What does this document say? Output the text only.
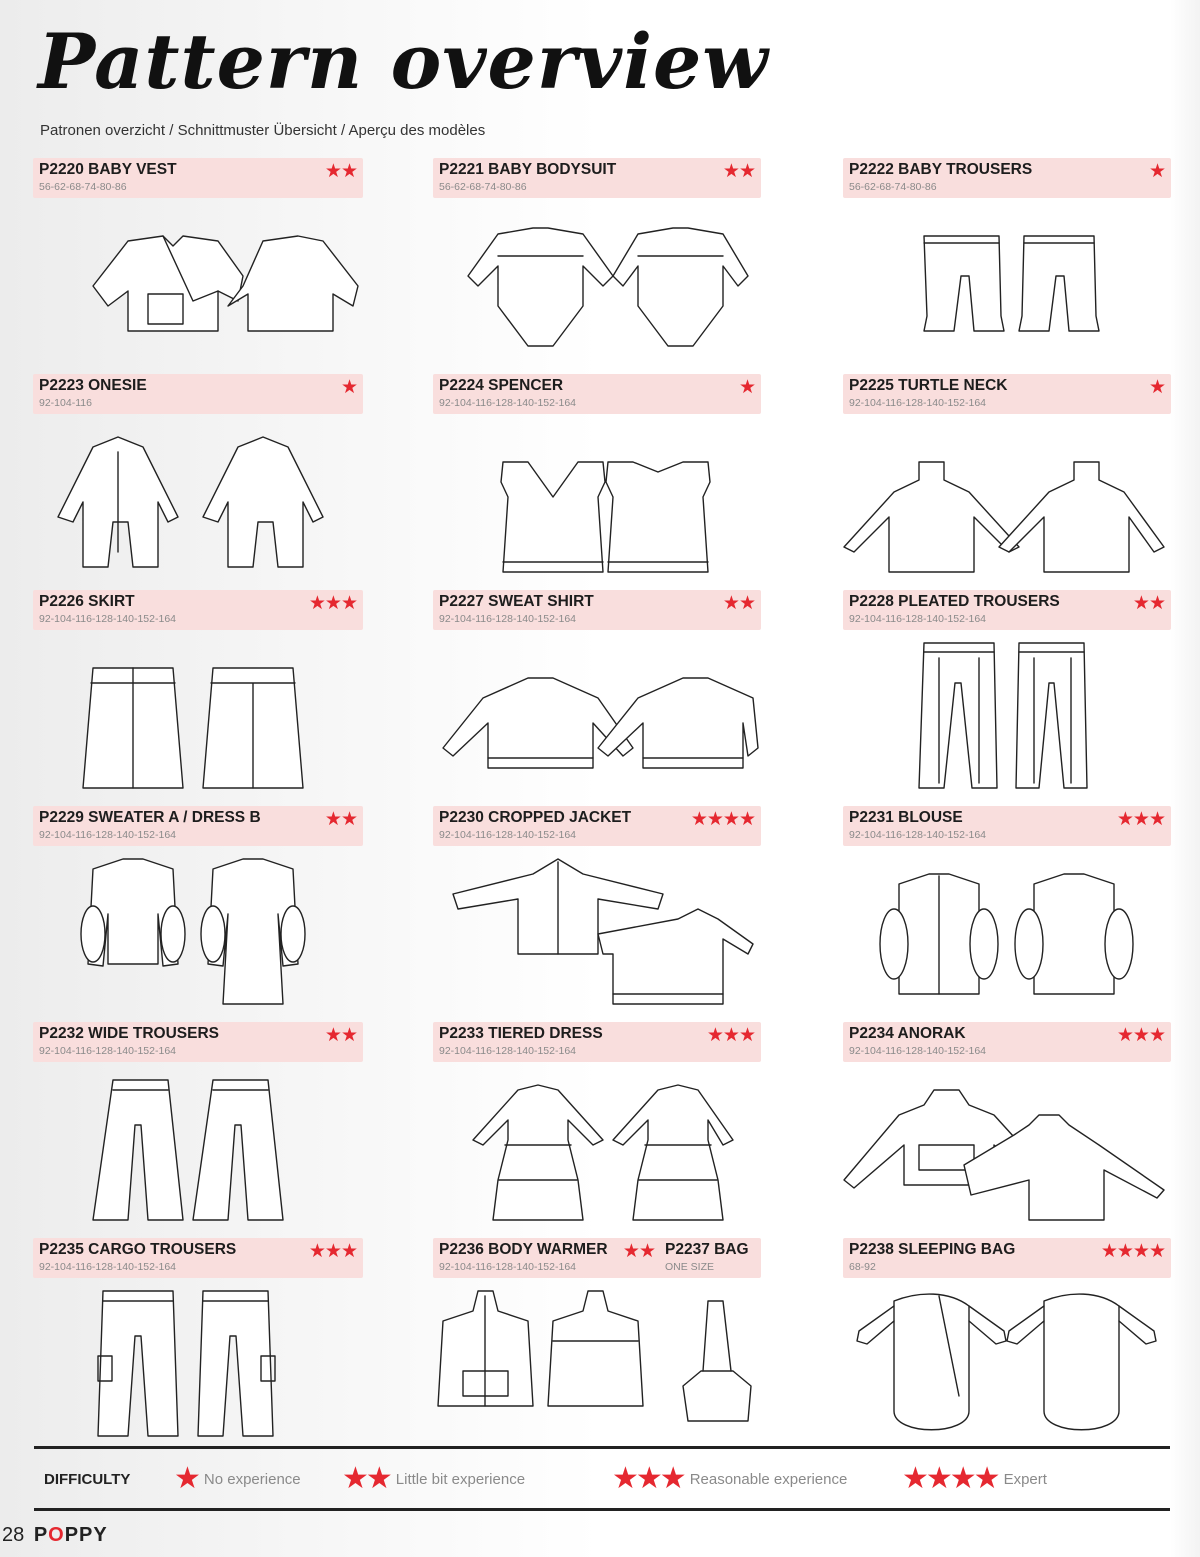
Pattern overview
Patronen overzicht / Schnittmuster Übersicht / Aperçu des modèles
P2220 BABY VEST
56-62-68-74-80-86
★★	P2221 BABY BODYSUIT
56-62-68-74-80-86
★★	P2222 BABY TROUSERS
56-62-68-74-80-86
★
P2223 ONESIE
92-104-116
★	P2224 SPENCER
92-104-116-128-140-152-164
★	P2225 TURTLE NECK
92-104-116-128-140-152-164
★
P2226 SKIRT
92-104-116-128-140-152-164
★★★	P2227 SWEAT SHIRT
92-104-116-128-140-152-164
★★	P2228 PLEATED TROUSERS
92-104-116-128-140-152-164
★★
P2229 SWEATER A / DRESS B
92-104-116-128-140-152-164
★★	P2230 CROPPED JACKET
92-104-116-128-140-152-164
★★★★	P2231 BLOUSE
92-104-116-128-140-152-164
★★★
P2232 WIDE TROUSERS
92-104-116-128-140-152-164
★★	P2233 TIERED DRESS
92-104-116-128-140-152-164
★★★	P2234 ANORAK
92-104-116-128-140-152-164
★★★
P2235 CARGO TROUSERS
92-104-116-128-140-152-164
★★★	P2236 BODY WARMER
92-104-116-128-140-152-164
★★ P2237 BAG
ONE SIZE
P2238 SLEEPING BAG
68-92
★★★★
DIFFICULTY ★ No experience ★★ Little bit experience	★★★ Reasonable experience ★★★★ Expert
28 POPPY
